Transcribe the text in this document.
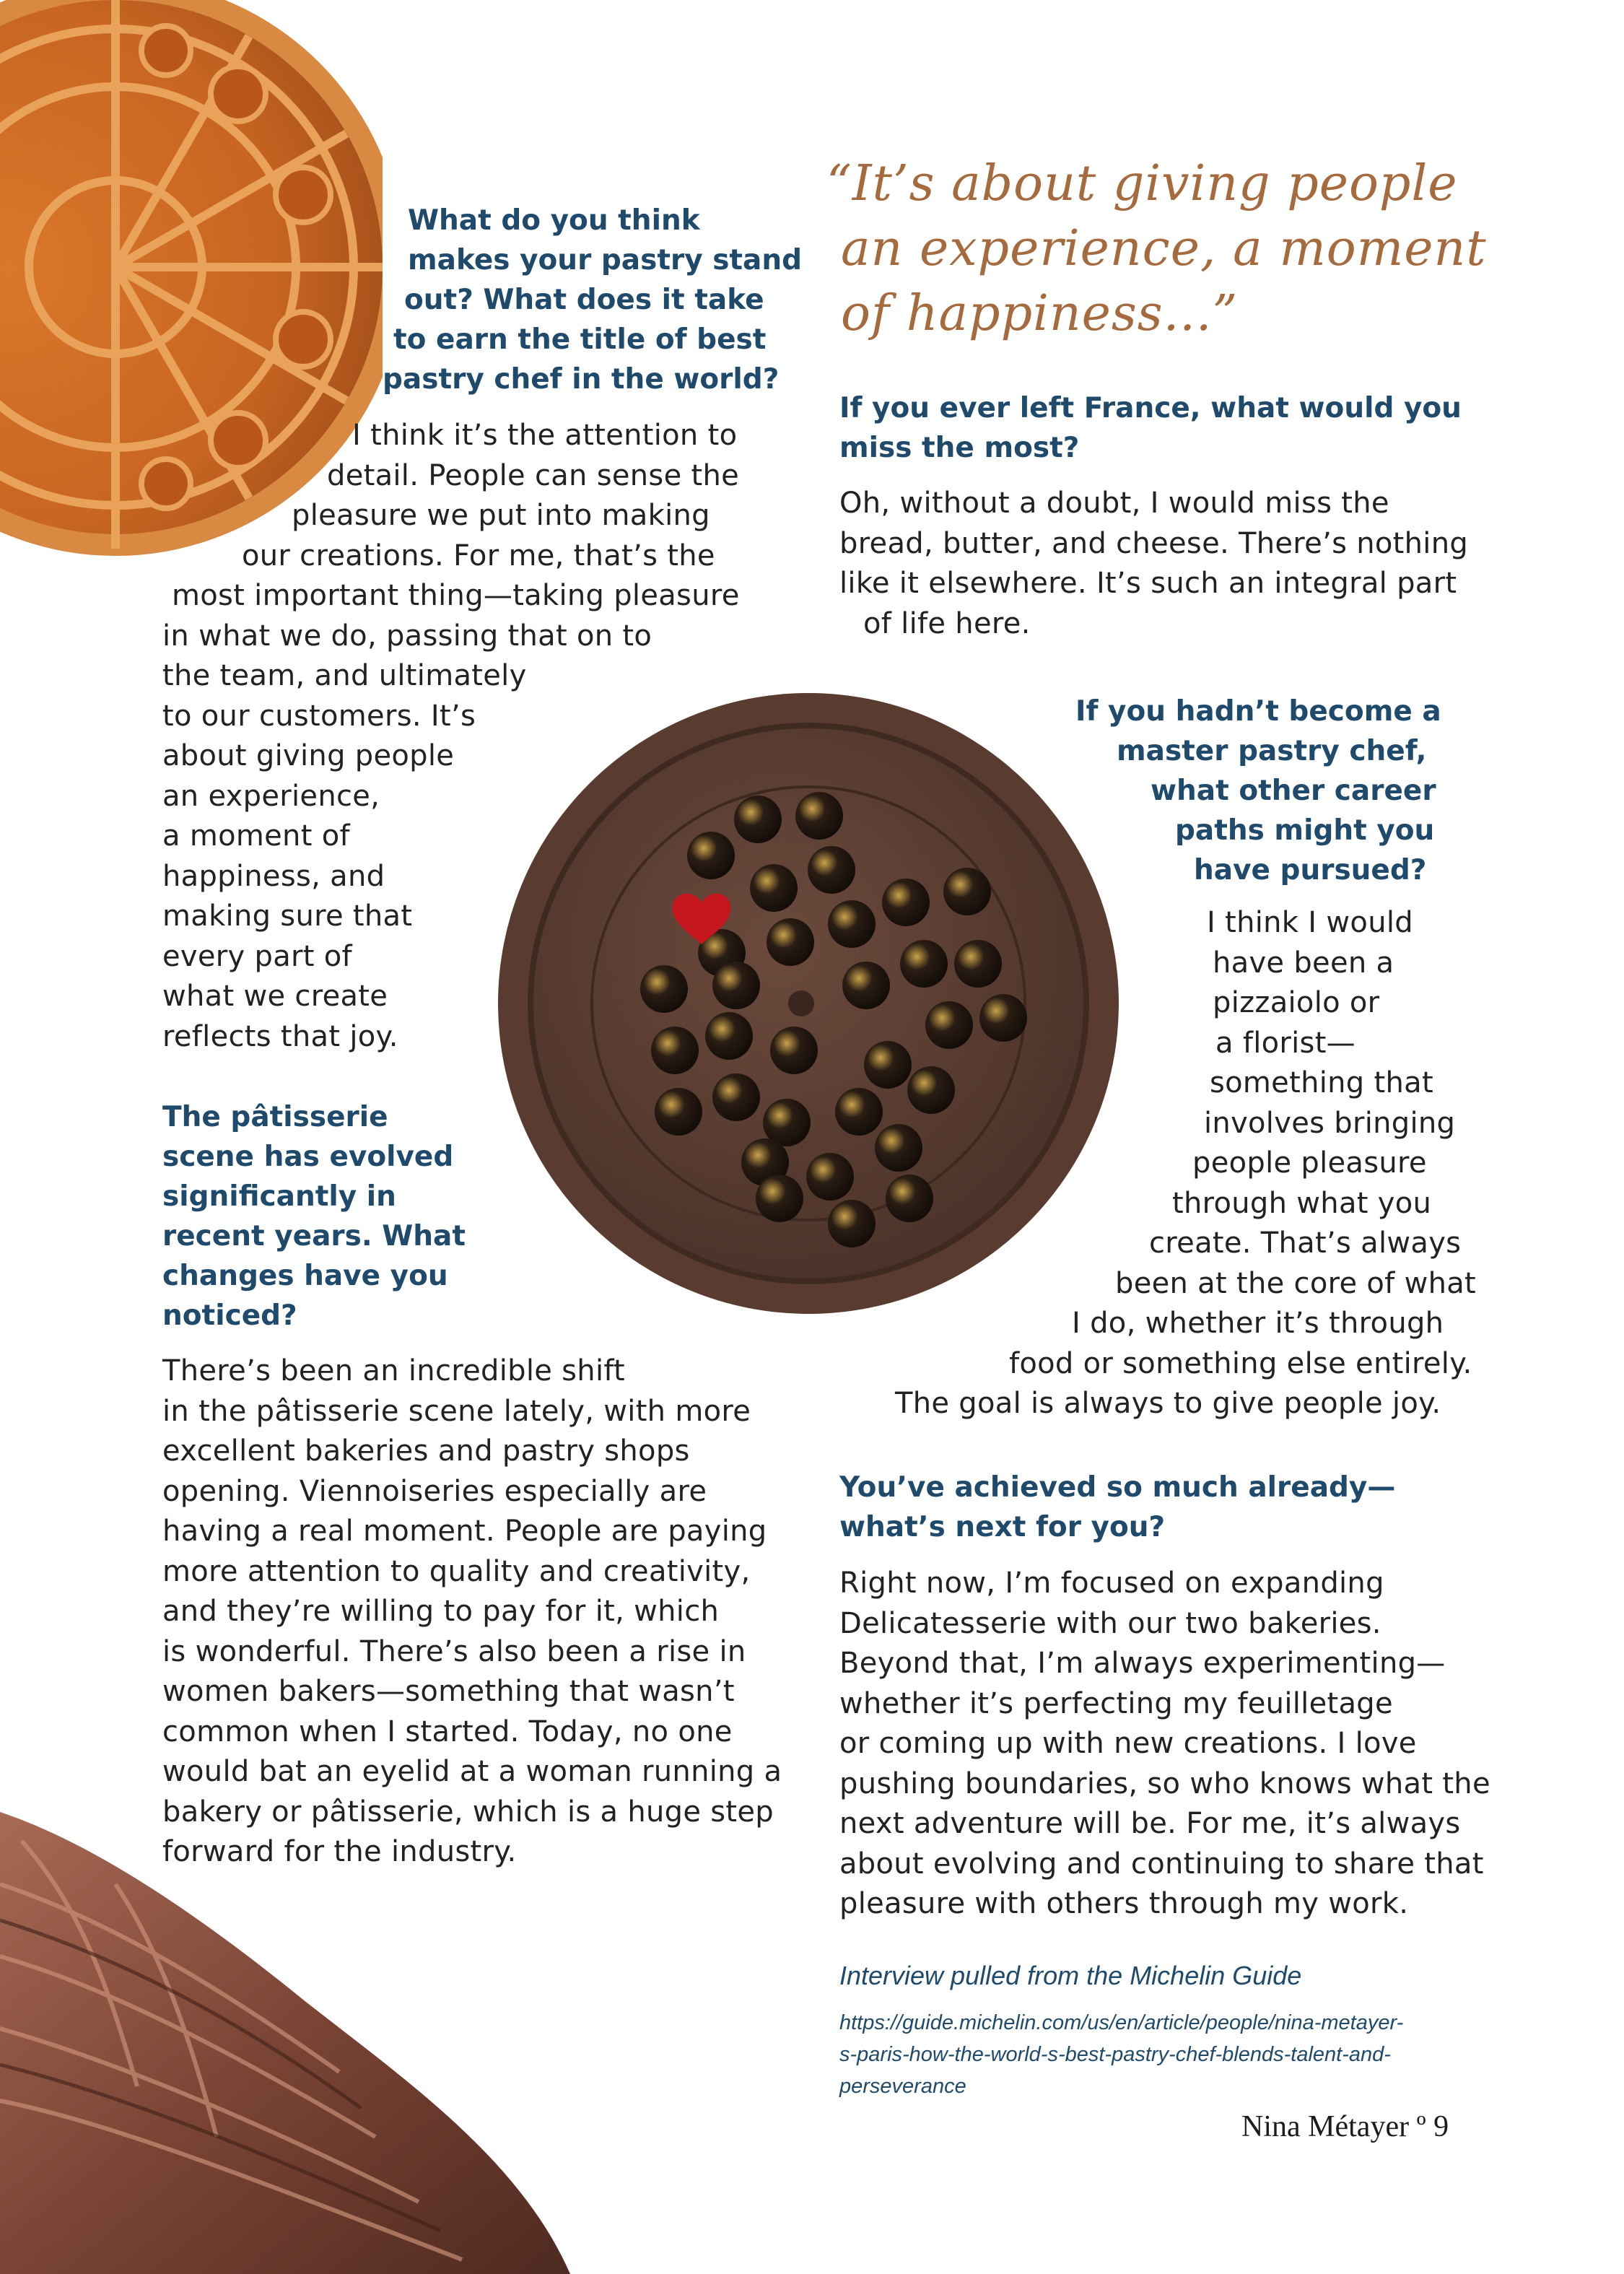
“It’s about giving people
an experience, a moment
of happiness...”
What do you think
makes your pastry stand
out? What does it take
to earn the title of best
pastry chef in the world?
I think it’s the attention to
detail. People can sense the
pleasure we put into making
our creations. For me, that’s the
most important thing—taking pleasure
in what we do, passing that on to
the team, and ultimately
to our customers. It’s
about giving people
an experience,
a moment of
happiness, and
making sure that
every part of
what we create
reflects that joy.
The pâtisserie
scene has evolved
significantly in
recent years. What
changes have you
noticed?
There’s been an incredible shift
in the pâtisserie scene lately, with more
excellent bakeries and pastry shops
opening. Viennoiseries especially are
having a real moment. People are paying
more attention to quality and creativity,
and they’re willing to pay for it, which
is wonderful. There’s also been a rise in
women bakers—something that wasn’t
common when I started. Today, no one
would bat an eyelid at a woman running a
bakery or pâtisserie, which is a huge step
forward for the industry.
If you ever left France, what would you
miss the most?
Oh, without a doubt, I would miss the
bread, butter, and cheese. There’s nothing
like it elsewhere. It’s such an integral part
of life here.
If you hadn’t become a
master pastry chef,
what other career
paths might you
have pursued?
I think I would
have been a
pizzaiolo or
a florist—
something that
involves bringing
people pleasure
through what you
create. That’s always
been at the core of what
I do, whether it’s through
food or something else entirely.
The goal is always to give people joy.
You’ve achieved so much already—
what’s next for you?
Right now, I’m focused on expanding
Delicatesserie with our two bakeries.
Beyond that, I’m always experimenting—
whether it’s perfecting my feuilletage
or coming up with new creations. I love
pushing boundaries, so who knows what the
next adventure will be. For me, it’s always
about evolving and continuing to share that
pleasure with others through my work.
Interview pulled from the Michelin Guide
https://guide.michelin.com/us/en/article/people/nina-metayer-
s-paris-how-the-world-s-best-pastry-chef-blends-talent-and-
perseverance
Nina Métayer º 9
